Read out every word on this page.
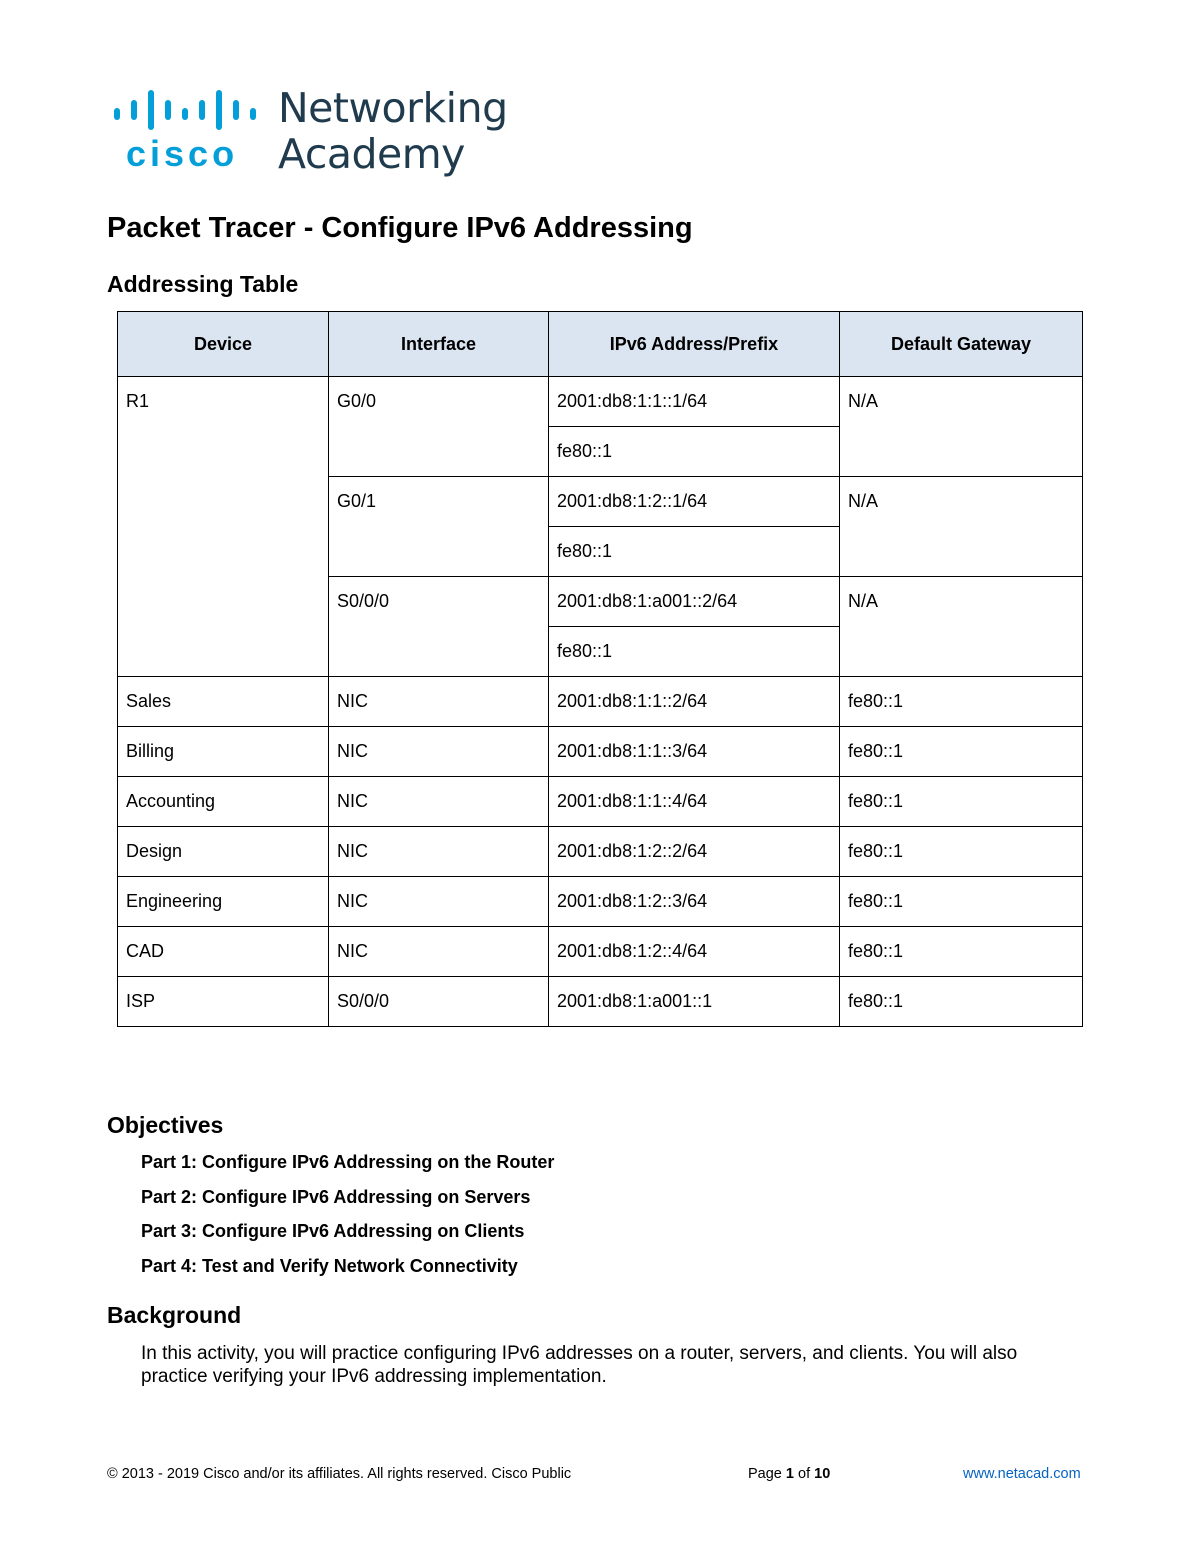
cisco
Networking
Academy
Packet Tracer - Configure IPv6 Addressing
Addressing Table
Device	Interface	IPv6 Address/Prefix	Default Gateway
R1	G0/0	2001:db8:1:1::1/64	N/A
		fe80::1	
	G0/1	2001:db8:1:2::1/64	N/A
		fe80::1	
	S0/0/0	2001:db8:1:a001::2/64	N/A
		fe80::1	
Sales	NIC	2001:db8:1:1::2/64	fe80::1
Billing	NIC	2001:db8:1:1::3/64	fe80::1
Accounting	NIC	2001:db8:1:1::4/64	fe80::1
Design	NIC	2001:db8:1:2::2/64	fe80::1
Engineering	NIC	2001:db8:1:2::3/64	fe80::1
CAD	NIC	2001:db8:1:2::4/64	fe80::1
ISP	S0/0/0	2001:db8:1:a001::1	fe80::1
Objectives
Part 1: Configure IPv6 Addressing on the Router
Part 2: Configure IPv6 Addressing on Servers
Part 3: Configure IPv6 Addressing on Clients
Part 4: Test and Verify Network Connectivity
Background

In this activity, you will practice configuring IPv6 addresses on a router, servers, and clients. You will also practice verifying your IPv6 addressing implementation.

© 2013 - 2019 Cisco and/or its affiliates. All rights reserved. Cisco Public	Page 1 of 10	www.netacad.com
